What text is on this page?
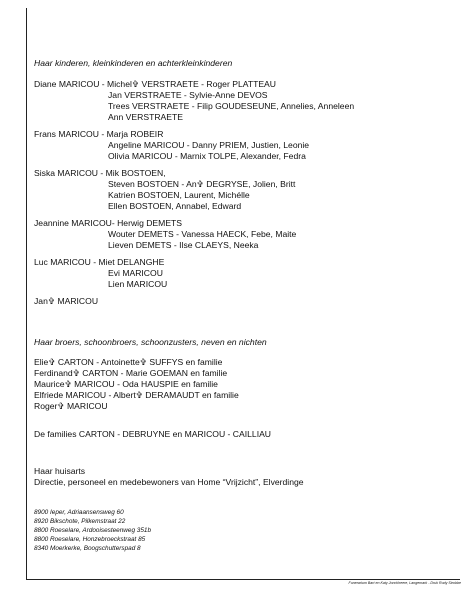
Haar kinderen, kleinkinderen en achterkleinkinderen
Diane MARICOU - Michel✞ VERSTRAETE - Roger PLATTEAU
Jan VERSTRAETE - Sylvie-Anne DEVOS
Trees VERSTRAETE - Filip GOUDESEUNE, Annelies, Anneleen
Ann VERSTRAETE
Frans MARICOU - Marja ROBEIR
Angeline MARICOU - Danny PRIEM, Justien, Leonie
Olivia MARICOU - Marnix TOLPE, Alexander, Fedra
Siska MARICOU - Mik BOSTOEN,
Steven BOSTOEN - An✞ DEGRYSE, Jolien, Britt
Katrien BOSTOEN, Laurent, Michélle
Ellen BOSTOEN, Annabel, Edward
Jeannine MARICOU- Herwig DEMETS
Wouter DEMETS - Vanessa HAECK, Febe, Maite
Lieven DEMETS - Ilse CLAEYS, Neeka
Luc MARICOU - Miet DELANGHE
Evi MARICOU
Lien MARICOU
Jan✞ MARICOU
Haar broers, schoonbroers, schoonzusters, neven en nichten
Elie✞ CARTON - Antoinette✞ SUFFYS en familie
Ferdinand✞ CARTON - Marie GOEMAN en familie
Maurice✞ MARICOU - Oda HAUSPIE en familie
Elfriede MARICOU - Albert✞ DERAMAUDT en familie
Roger✞ MARICOU
De families CARTON - DEBRUYNE en MARICOU - CAILLIAU
Haar huisarts
Directie, personeel en medebewoners van Home “Vrijzicht”, Elverdinge
8900 Ieper, Adriaansensweg 60
8920 Bikschote, Pilkemstraat 22
8800 Roeselare, Ardooisesteenweg 351b
8800 Roeselare, Honzebroeckstraat 85
8340 Moerkerke, Boogschutterspad 8
Funerarium Bart en Katy Jonckheere, Langemark - Druk Rudy Strobbe
